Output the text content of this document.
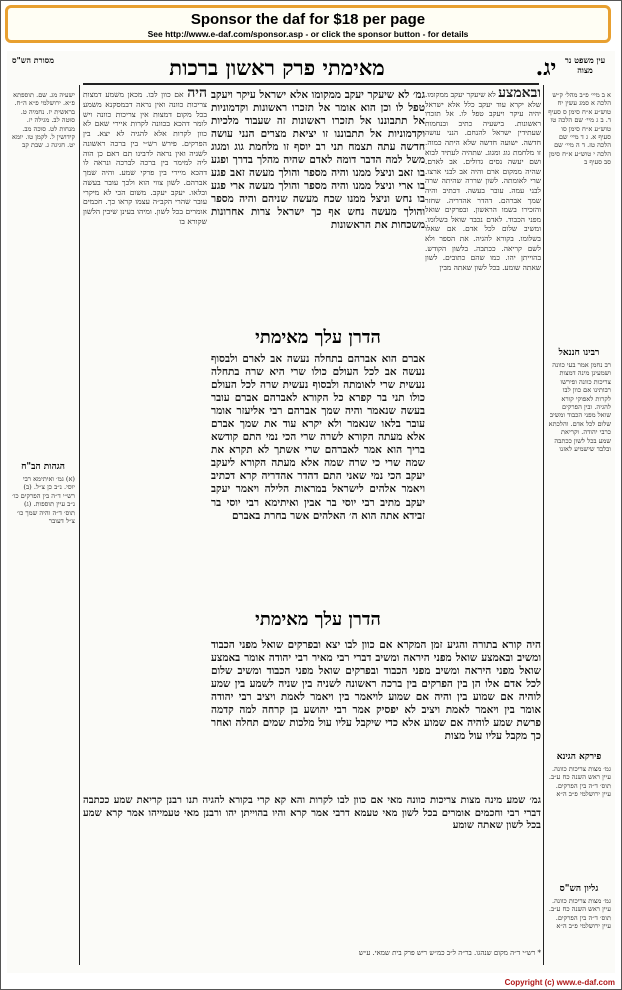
Sponsor the daf for $18 per page
See http://www.e-daf.com/sponsor.asp - or click the sponsor button - for details
עין משפט נר מצוה
מסורת הש"ס	יג.
מאימתי פרק ראשון ברכות
א ב מיי׳ פ״ב מהל׳ ק״ש הלכה א סמג עשין יח טוש״ע א״ח סימן ס סעיף ד. ב ג מיי׳ שם הלכה טו טוש״ע א״ח סימן סו סעיף א. ג ד מיי׳ שם הלכה טז. ד ה מיי׳ שם הלכה י טוש״ע א״ח סימן סב סעיף ב
רבינו חננאל
רב נחמן אמר בעי כוונה ושמעינן מינה דמצות צריכות כוונה ופירשו רבותינו אם כוון לבו לקרות לאפוקי קורא להגיה. ובין הפרקים שואל מפני הכבוד ומשיב שלום לכל אדם. והלכתא כרבי יהודה. וקריאת שמע בכל לשון ככתבה ובלבד שישמיע לאזנו
פירקא הגינא
גמ׳ מצות צריכות כוונה. עיין ראש השנה כח ע״ב. תוס׳ ד״ה בין הפרקים. עיין ירושלמי פ״ב ה״א
גליון הש"ס
גמ׳ מצות צריכות כוונה. עיין ראש השנה כח ע״ב. תוס׳ ד״ה בין הפרקים. עיין ירושלמי פ״ב ה״א
ישעיה מג. שם. תוספתא פ״א. ירושלמי פ״א ה״ח. בראשית יז. נחמיה ט. סוטה לב. מגילה יז. מנחות לט. סוכה מב. קידושין ל. לקמן טו. יומא יט. חגיגה ג. שבת קב
הגהות הב"ח
(א) גמ׳ ואיתימא רבי יוסי. נ״ב כן צ״ל. (ב) רש״י ד״ה בין הפרקים כו׳ נ״ב עיין תוספות. (ג) תוס׳ ד״ה והיה שמך כו׳ צ״ל דעובר
ובאמצע לא שיעקר יעקב ממקומו. שלא יקרא עוד יעקב כלל אלא ישראל יהיה עיקר ויעקב טפל לו. אל תזכרו ראשונות. בישעיה כתיב ובנחמות שעתידין ישראל להנחם. הנני עושה חדשה. ישועה חדשה שלא היתה כמוה. זו מלחמת גוג ומגוג. שתהיה לעתיד לבוא ושם יעשה נסים גדולים. אב לארם. שהיה ממקום ארם והיה אב לבני ארצו. שרי לאומתה. לשון שררה שהיתה שרה לבני עמה. עובר בעשה. דכתיב והיה שמך אברהם. דהדר אהדריה. שחזר והזכירו בשמו הראשון. ובפרקים שואל מפני הכבוד. לאדם נכבד שואל בשלומו. ומשיב שלום לכל אדם. אם שאלו בשלומו. בקורא להגיה. את הספר ולא לשם קריאה. ככתבה. בלשון הקודש. בהוייתן יהו. כמו שהם כתובים. לשון שאתה שומע. בכל לשון שאתה מבין
היה אם כוון לבו. מכאן משמע דמצות צריכות כוונה ואין נראה דבמסקנא משמע בכל מקום דמצות אין צריכות כוונה ויש לומר דהכא בכוונה לקרות איירי שאם לא כוון לקרות אלא להגיה לא יצא. בין הפרקים. פירש רש״י בין ברכה ראשונה לשניה ואין נראה לרבינו תם דאם כן הוה ליה למימר בין ברכה לברכה ונראה לו דהכא מיירי בין פרקי שמע. והיה שמך אברהם. לשון צווי הוא ולכך עובר בעשה ובלאו. יעקב יעקב. משום הכי לא מיקרי עובר שהרי הקב״ה עצמו קראו כך. חכמים אומרים בכל לשון. ומיהו בעינן שיבין הלשון שקורא בו
גמ׳ לא שיעקר יעקב ממקומו אלא ישראל עיקר ויעקב טפל לו וכן הוא אומר אל תזכרו ראשונות וקדמוניות אל תתבוננו אל תזכרו ראשונות זה שעבוד מלכיות וקדמוניות אל תתבוננו זו יציאת מצרים הנני עושה חדשה עתה תצמח תני רב יוסף זו מלחמת גוג ומגוג משל למה הדבר דומה לאדם שהיה מהלך בדרך ופגע בו זאב וניצל ממנו והיה מספר והולך מעשה זאב פגע בו ארי וניצל ממנו והיה מספר והולך מעשה ארי פגע בו נחש וניצל ממנו שכח מעשה שניהם והיה מספר והולך מעשה נחש אף כך ישראל צרות אחרונות משכחות את הראשונות
הדרן עלך מאימתי
אברם הוא אברהם בתחלה נעשה אב לארם ולבסוף נעשה אב לכל העולם כולו שרי היא שרה בתחלה נעשית שרי לאומתה ולבסוף נעשית שרה לכל העולם כולו תני בר קפרא כל הקורא לאברהם אברם עובר בעשה שנאמר והיה שמך אברהם רבי אליעזר אומר עובר בלאו שנאמר ולא יקרא עוד את שמך אברם אלא מעתה הקורא לשרה שרי הכי נמי התם קודשא בריך הוא אמר לאברהם שרי אשתך לא תקרא את שמה שרי כי שרה שמה אלא מעתה הקורא ליעקב יעקב הכי נמי שאני התם דהדר אהדריה קרא דכתיב ויאמר אלהים לישראל במראות הלילה ויאמר יעקב יעקב מתיב רבי יוסי בר אבין ואיתימא רבי יוסי בר זבידא אתה הוא ה׳ האלהים אשר בחרת באברם
הדרן עלך מאימתי
היה קורא בתורה והגיע זמן המקרא אם כוון לבו יצא ובפרקים שואל מפני הכבוד ומשיב ובאמצע שואל מפני היראה ומשיב דברי רבי מאיר רבי יהודה אומר באמצע שואל מפני היראה ומשיב מפני הכבוד ובפרקים שואל מפני הכבוד ומשיב שלום לכל אדם אלו הן בין הפרקים בין ברכה ראשונה לשניה בין שניה לשמע בין שמע לוהיה אם שמוע בין והיה אם שמוע לויאמר בין ויאמר לאמת ויציב רבי יהודה אומר בין ויאמר לאמת ויציב לא יפסיק אמר רבי יהושע בן קרחה למה קדמה פרשת שמע לוהיה אם שמוע אלא כדי שיקבל עליו עול מלכות שמים תחלה ואחר כך מקבל עליו עול מצות
גמ׳ שמע מינה מצות צריכות כוונה מאי אם כוון לבו לקרות והא קא קרי בקורא להגיה תנו רבנן קריאת שמע ככתבה דברי רבי וחכמים אומרים בכל לשון מאי טעמא דרבי אמר קרא והיו בהוייתן יהו ורבנן מאי טעמייהו אמר קרא שמע בכל לשון שאתה שומע
* רש״י ד״ה מקום שנהגו. בר״ה ל״ב כמ״ש ריש פרק בית שמאי. ע״ש
Copyright (c) www.e-daf.com
